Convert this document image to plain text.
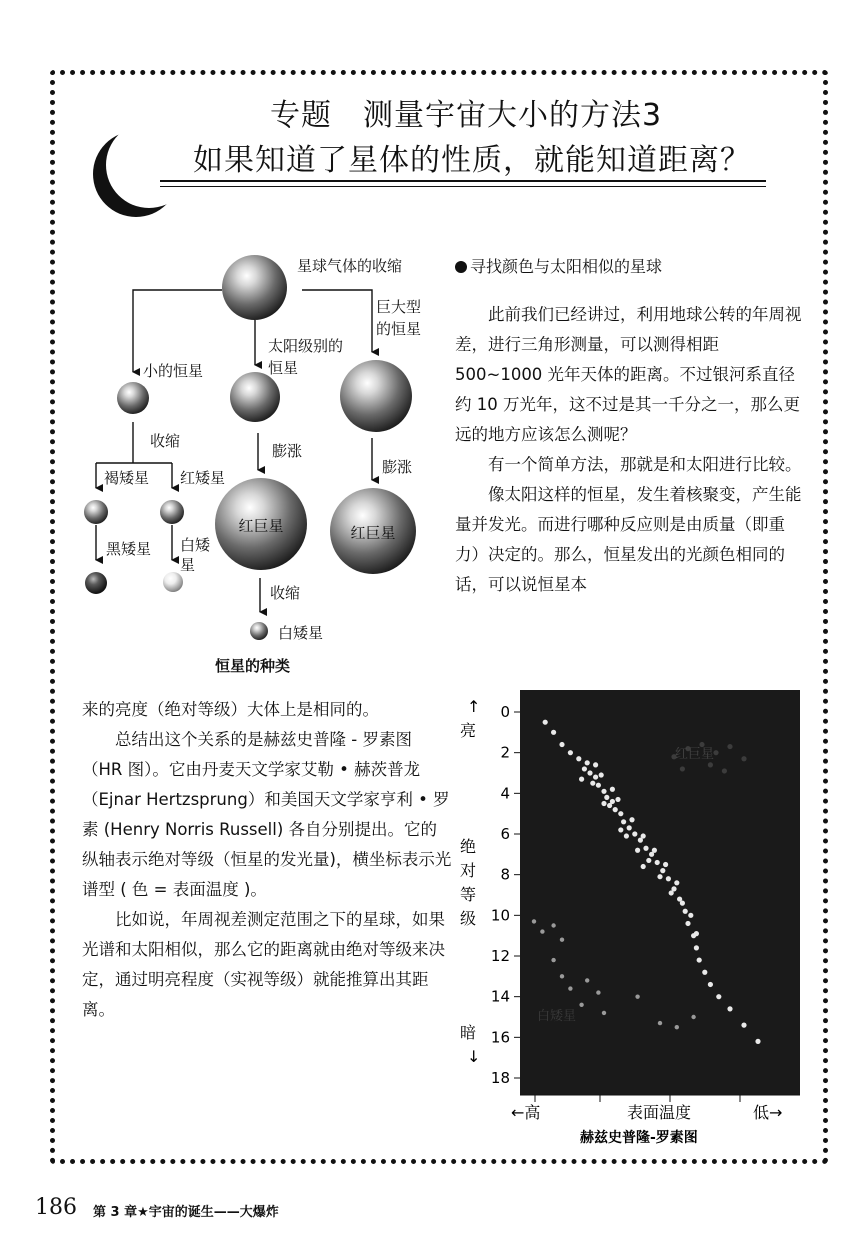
专题　测量宇宙大小的方法3
如果知道了星体的性质，就能知道距离？
星球气体的收缩
巨大型的恒星
太阳级别的恒星
小的恒星
收缩
膨涨
膨涨
褐矮星 红矮星
红巨星	红巨星
黑矮星 白矮星
收缩
白矮星
恒星的种类
寻找颜色与太阳相似的星球

此前我们已经讲过，利用地球公转的年周视差，进行三角形测量，可以测得相距 500~1000 光年天体的距离。不过银河系直径约 10 万光年，这不过是其一千分之一，那么更远的地方应该怎么测呢？

有一个简单方法，那就是和太阳进行比较。

像太阳这样的恒星，发生着核聚变，产生能量并发光。而进行哪种反应则是由质量（即重力）决定的。那么，恒星发出的光颜色相同的话，可以说恒星本

来的亮度（绝对等级）大体上是相同的。

总结出这个关系的是赫兹史普隆 - 罗素图（HR 图）。它由丹麦天文学家艾勒 • 赫茨普龙（Ejnar Hertzsprung）和美国天文学家亨利 • 罗素 (Henry Norris Russell) 各自分别提出。它的纵轴表示绝对等级（恒星的发光量)，横坐标表示光谱型 ( 色 = 表面温度 )。

比如说，年周视差测定范围之下的星球，如果光谱和太阳相似，那么它的距离就由绝对等级来决定，通过明亮程度（实视等级）就能推算出其距离。

↑
亮
绝
对
等
级
暗
↓
0
2
4
6
8
10
12
14
16
18
红巨星
白矮星
←高	表面温度	低→
赫兹史普隆-罗素图
186 第 3 章★宇宙的诞生——大爆炸
